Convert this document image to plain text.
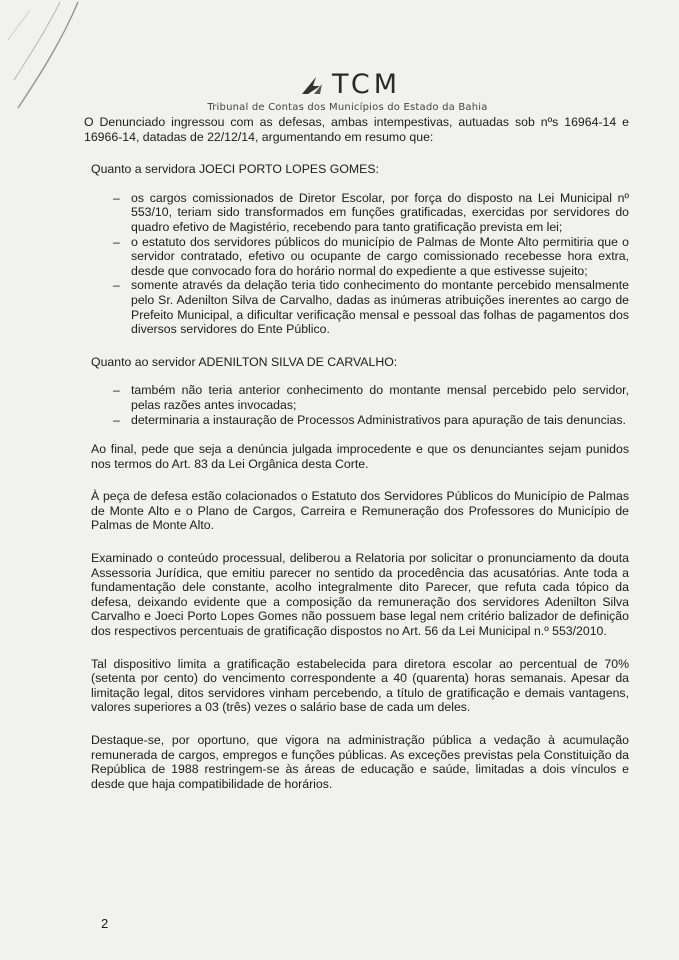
TCM
Tribunal de Contas dos Municípios do Estado da Bahia

O Denunciado ingressou com as defesas, ambas intempestivas, autuadas sob nºs 16964-14 e 16966-14, datadas de 22/12/14, argumentando em resumo que:

Quanto a servidora JOECI PORTO LOPES GOMES:

– os cargos comissionados de Diretor Escolar, por força do disposto na Lei Municipal nº 553/10, teriam sido transformados em funções gratificadas, exercidas por servidores do quadro efetivo de Magistério, recebendo para tanto gratificação prevista em lei;
– o estatuto dos servidores públicos do município de Palmas de Monte Alto permitiria que o servidor contratado, efetivo ou ocupante de cargo comissionado recebesse hora extra, desde que convocado fora do horário normal do expediente a que estivesse sujeito;
– somente através da delação teria tido conhecimento do montante percebido mensalmente pelo Sr. Adenilton Silva de Carvalho, dadas as inúmeras atribuições inerentes ao cargo de Prefeito Municipal, a dificultar verificação mensal e pessoal das folhas de pagamentos dos diversos servidores do Ente Público.

Quanto ao servidor ADENILTON SILVA DE CARVALHO:

– também não teria anterior conhecimento do montante mensal percebido pelo servidor, pelas razões antes invocadas;
– determinaria a instauração de Processos Administrativos para apuração de tais denuncias.

Ao final, pede que seja a denúncia julgada improcedente e que os denunciantes sejam punidos nos termos do Art. 83 da Lei Orgânica desta Corte.

À peça de defesa estão colacionados o Estatuto dos Servidores Públicos do Município de Palmas de Monte Alto e o Plano de Cargos, Carreira e Remuneração dos Professores do Município de Palmas de Monte Alto.

Examinado o conteúdo processual, deliberou a Relatoria por solicitar o pronunciamento da douta Assessoria Jurídica, que emitiu parecer no sentido da procedência das acusatórias. Ante toda a fundamentação dele constante, acolho integralmente dito Parecer, que refuta cada tópico da defesa, deixando evidente que a composição da remuneração dos servidores Adenilton Silva Carvalho e Joeci Porto Lopes Gomes não possuem base legal nem critério balizador de definição dos respectivos percentuais de gratificação dispostos no Art. 56 da Lei Municipal n.º 553/2010.

Tal dispositivo limita a gratificação estabelecida para diretora escolar ao percentual de 70% (setenta por cento) do vencimento correspondente a 40 (quarenta) horas semanais. Apesar da limitação legal, ditos servidores vinham percebendo, a título de gratificação e demais vantagens, valores superiores a 03 (três) vezes o salário base de cada um deles.

Destaque-se, por oportuno, que vigora na administração pública a vedação à acumulação remunerada de cargos, empregos e funções públicas. As exceções previstas pela Constituição da República de 1988 restringem-se às áreas de educação e saúde, limitadas a dois vínculos e desde que haja compatibilidade de horários.

2
